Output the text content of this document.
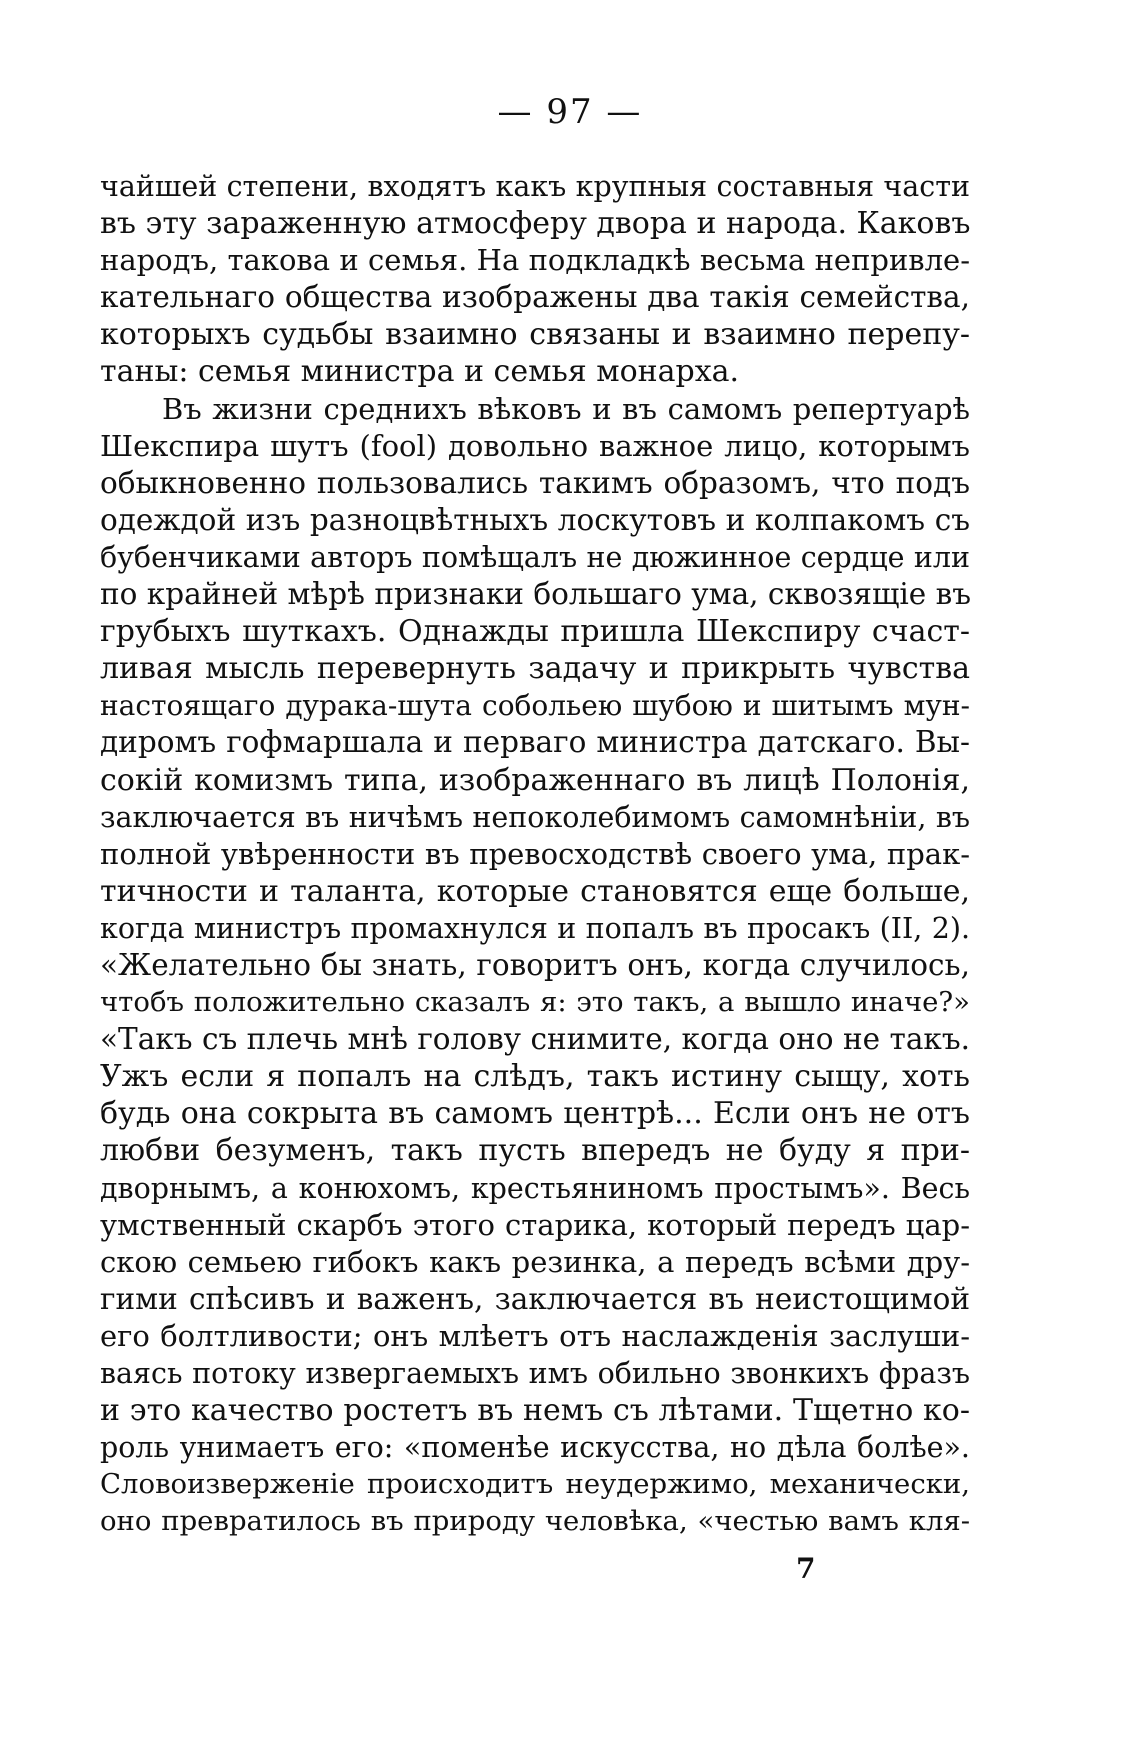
— 97 —
чайшей степени, входятъ какъ крупныя составныя части
въ эту зараженную атмосферу двора и народа. Каковъ
народъ, такова и семья. На подкладкѣ весьма непривле-
кательнаго общества изображены два такія семейства,
которыхъ судьбы взаимно связаны и взаимно перепу-
таны: семья министра и семья монарха.
Въ жизни среднихъ вѣковъ и въ самомъ репертуарѣ
Шекспира шутъ (fool) довольно важное лицо, которымъ
обыкновенно пользовались такимъ образомъ, что подъ
одеждой изъ разноцвѣтныхъ лоскутовъ и колпакомъ съ
бубенчиками авторъ помѣщалъ не дюжинное сердце или
по крайней мѣрѣ признаки большаго ума, сквозящіе въ
грубыхъ шуткахъ. Однажды пришла Шекспиру счаст-
ливая мысль перевернуть задачу и прикрыть чувства
настоящаго дурака-шута собольею шубою и шитымъ мун-
диромъ гофмаршала и перваго министра датскаго. Вы-
сокій комизмъ типа, изображеннаго въ лицѣ Полонія,
заключается въ ничѣмъ непоколебимомъ самомнѣніи, въ
полной увѣренности въ превосходствѣ своего ума, прак-
тичности и таланта, которые становятся еще больше,
когда министръ промахнулся и попалъ въ просакъ (II, 2).
«Желательно бы знать, говоритъ онъ, когда случилось,
чтобъ положительно сказалъ я: это такъ, а вышло иначе?»
«Такъ съ плечь мнѣ голову снимите, когда оно не такъ.
Ужъ если я попалъ на слѣдъ, такъ истину сыщу, хоть
будь она сокрыта въ самомъ центрѣ... Если онъ не отъ
любви безуменъ, такъ пусть впередъ не буду я при-
дворнымъ, а конюхомъ, крестьяниномъ простымъ». Весь
умственный скарбъ этого старика, который передъ цар-
скою семьею гибокъ какъ резинка, а передъ всѣми дру-
гими спѣсивъ и важенъ, заключается въ неистощимой
его болтливости; онъ млѣетъ отъ наслажденія заслуши-
ваясь потоку извергаемыхъ имъ обильно звонкихъ фразъ
и это качество ростетъ въ немъ съ лѣтами. Тщетно ко-
роль унимаетъ его: «поменѣе искусства, но дѣла болѣе».
Словоизверженіе происходитъ неудержимо, механически,
оно превратилось въ природу человѣка, «честью вамъ кля-
7
